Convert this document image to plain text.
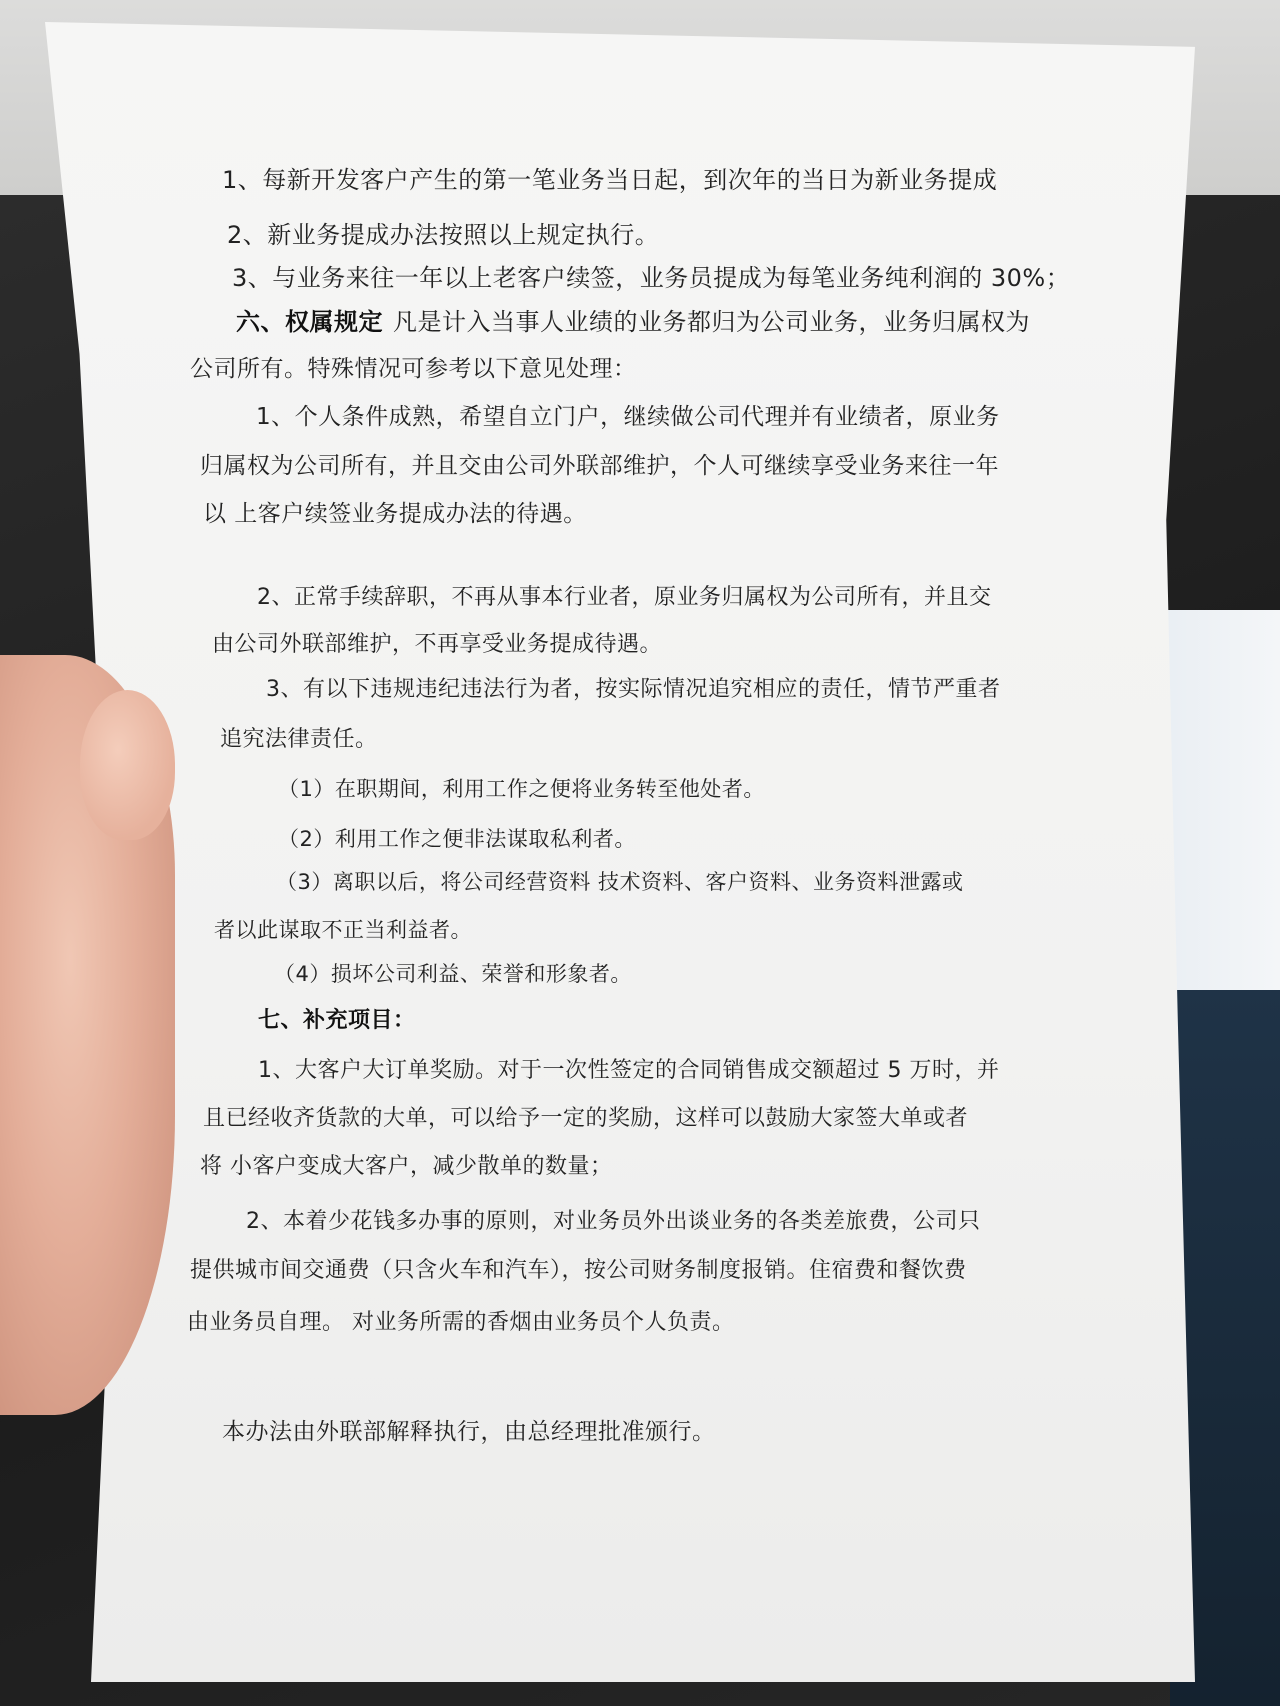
1、每新开发客户产生的第一笔业务当日起，到次年的当日为新业务提成
2、新业务提成办法按照以上规定执行。
3、与业务来往一年以上老客户续签，业务员提成为每笔业务纯利润的 30%；
六、权属规定 凡是计入当事人业绩的业务都归为公司业务，业务归属权为
公司所有。特殊情况可参考以下意见处理：
1、个人条件成熟，希望自立门户，继续做公司代理并有业绩者，原业务
归属权为公司所有，并且交由公司外联部维护，个人可继续享受业务来往一年
以 上客户续签业务提成办法的待遇。
2、正常手续辞职，不再从事本行业者，原业务归属权为公司所有，并且交
由公司外联部维护，不再享受业务提成待遇。
3、有以下违规违纪违法行为者，按实际情况追究相应的责任，情节严重者
追究法律责任。
（1）在职期间，利用工作之便将业务转至他处者。
（2）利用工作之便非法谋取私利者。
（3）离职以后，将公司经营资料 技术资料、客户资料、业务资料泄露或
者以此谋取不正当利益者。
（4）损坏公司利益、荣誉和形象者。
七、补充项目：
1、大客户大订单奖励。对于一次性签定的合同销售成交额超过 5 万时，并
且已经收齐货款的大单，可以给予一定的奖励，这样可以鼓励大家签大单或者
将 小客户变成大客户，减少散单的数量；
2、本着少花钱多办事的原则，对业务员外出谈业务的各类差旅费，公司只
提供城市间交通费（只含火车和汽车），按公司财务制度报销。住宿费和餐饮费
由业务员自理。 对业务所需的香烟由业务员个人负责。
本办法由外联部解释执行，由总经理批准颁行。
